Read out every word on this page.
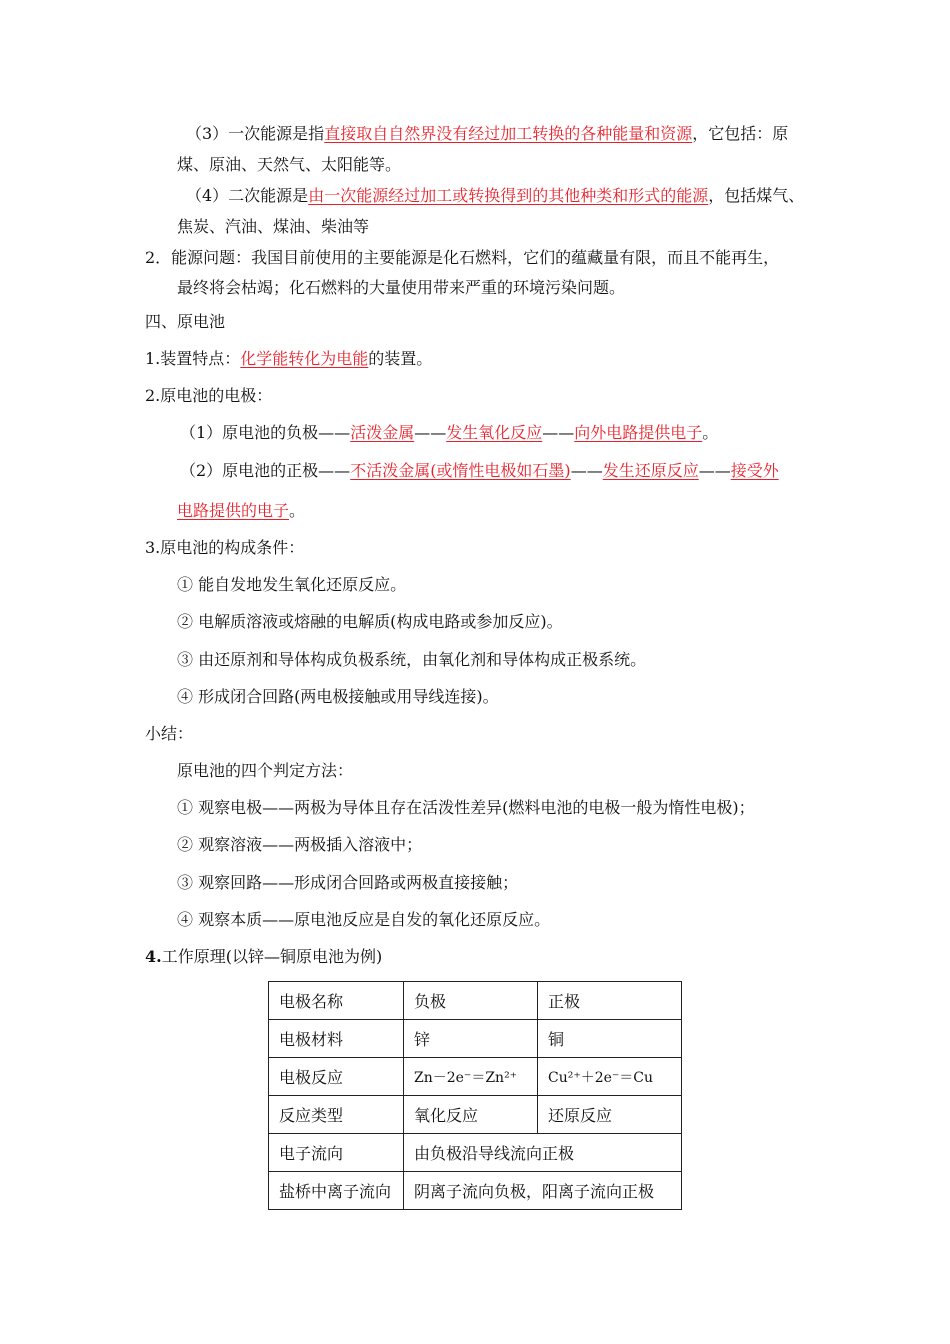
（3）一次能源是指直接取自自然界没有经过加工转换的各种能量和资源，它包括：原
煤、原油、天然气、太阳能等。
（4）二次能源是由一次能源经过加工或转换得到的其他种类和形式的能源，包括煤气、
焦炭、汽油、煤油、柴油等
2．能源问题：我国目前使用的主要能源是化石燃料，它们的蕴藏量有限，而且不能再生，
最终将会枯竭；化石燃料的大量使用带来严重的环境污染问题。
四、原电池
1.装置特点：化学能转化为电能的装置。
2.原电池的电极：
（1）原电池的负极——活泼金属——发生氧化反应——向外电路提供电子。
（2）原电池的正极——不活泼金属(或惰性电极如石墨)——发生还原反应——接受外
电路提供的电子。
3.原电池的构成条件：
① 能自发地发生氧化还原反应。
② 电解质溶液或熔融的电解质(构成电路或参加反应)。
③ 由还原剂和导体构成负极系统，由氧化剂和导体构成正极系统。
④ 形成闭合回路(两电极接触或用导线连接)。
小结：
原电池的四个判定方法：
① 观察电极——两极为导体且存在活泼性差异(燃料电池的电极一般为惰性电极)；
② 观察溶液——两极插入溶液中；
③ 观察回路——形成闭合回路或两极直接接触；
④ 观察本质——原电池反应是自发的氧化还原反应。
4.工作原理(以锌—铜原电池为例)
电极名称	负极	正极
电极材料	锌	铜
电极反应	Zn－2e⁻＝Zn²⁺	Cu²⁺＋2e⁻＝Cu
反应类型	氧化反应	还原反应
电子流向	由负极沿导线流向正极	
盐桥中离子流向	阴离子流向负极，阳离子流向正极	
